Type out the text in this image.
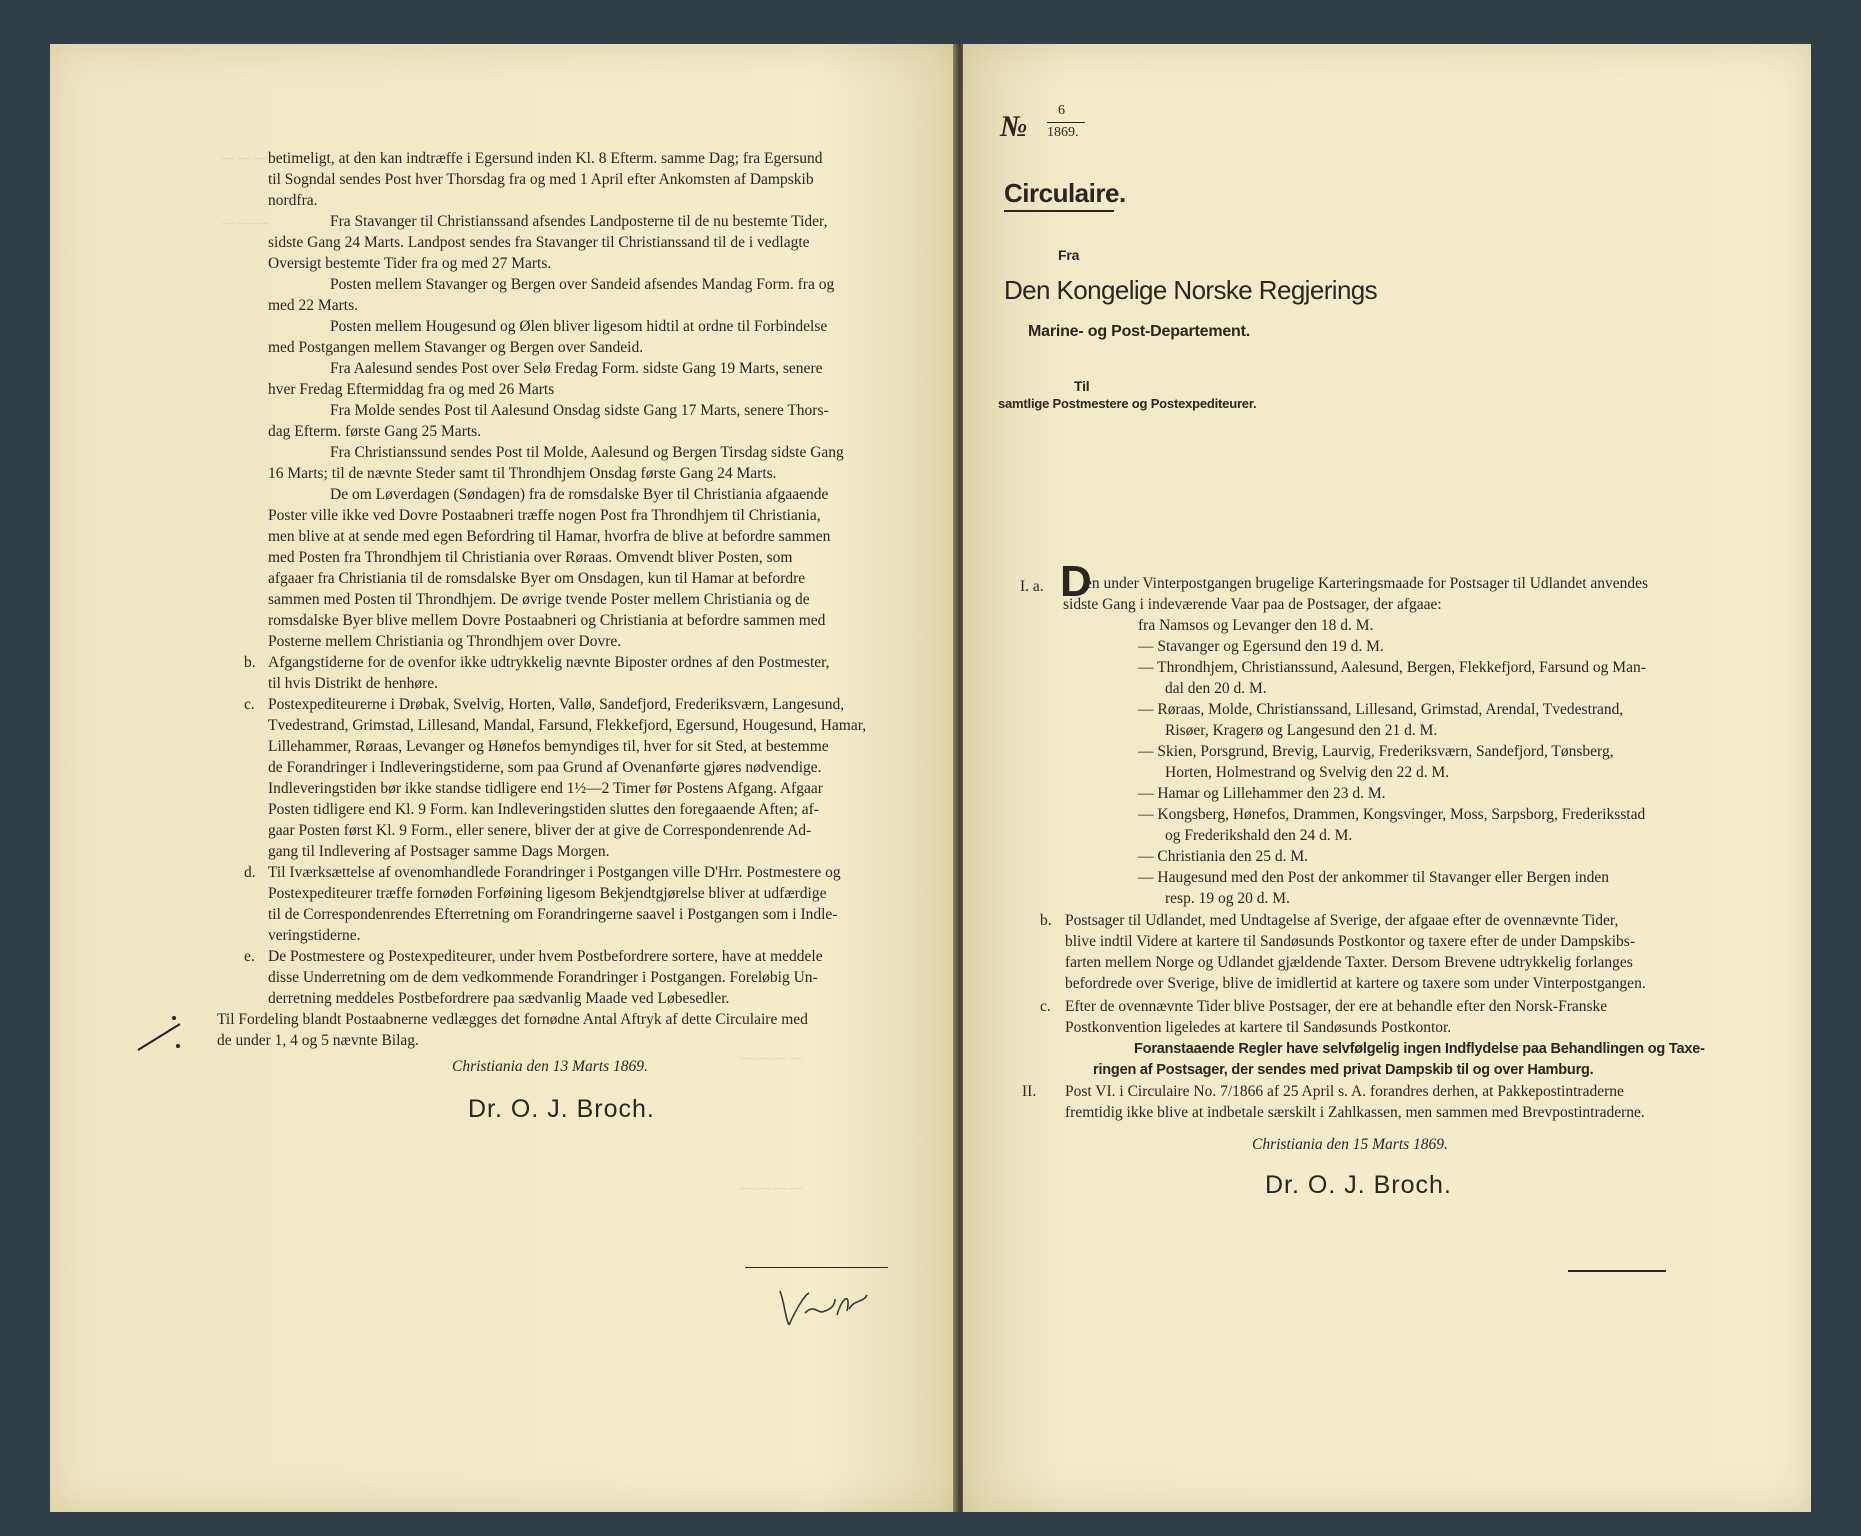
— — —
— — —
— — — —
— — — —
betimeligt, at den kan indtræffe i Egersund inden Kl. 8 Efterm. samme Dag; fra Egersund
til Sogndal sendes Post hver Thorsdag fra og med 1 April efter Ankomsten af Dampskib
nordfra.
Fra Stavanger til Christianssand afsendes Landposterne til de nu bestemte Tider,
sidste Gang 24 Marts. Landpost sendes fra Stavanger til Christianssand til de i vedlagte
Oversigt bestemte Tider fra og med 27 Marts.
Posten mellem Stavanger og Bergen over Sandeid afsendes Mandag Form. fra og
med 22 Marts.
Posten mellem Hougesund og Ølen bliver ligesom hidtil at ordne til Forbindelse
med Postgangen mellem Stavanger og Bergen over Sandeid.
Fra Aalesund sendes Post over Selø Fredag Form. sidste Gang 19 Marts, senere
hver Fredag Eftermiddag fra og med 26 Marts
Fra Molde sendes Post til Aalesund Onsdag sidste Gang 17 Marts, senere Thors-
dag Efterm. første Gang 25 Marts.
Fra Christianssund sendes Post til Molde, Aalesund og Bergen Tirsdag sidste Gang
16 Marts; til de nævnte Steder samt til Throndhjem Onsdag første Gang 24 Marts.
De om Løverdagen (Søndagen) fra de romsdalske Byer til Christiania afgaaende
Poster ville ikke ved Dovre Postaabneri træffe nogen Post fra Throndhjem til Christiania,
men blive at at sende med egen Befordring til Hamar, hvorfra de blive at befordre sammen
med Posten fra Throndhjem til Christiania over Røraas. Omvendt bliver Posten, som
afgaaer fra Christiania til de romsdalske Byer om Onsdagen, kun til Hamar at befordre
sammen med Posten til Throndhjem. De øvrige tvende Poster mellem Christiania og de
romsdalske Byer blive mellem Dovre Postaabneri og Christiania at befordre sammen med
Posterne mellem Christiania og Throndhjem over Dovre.
b. Afgangstiderne for de ovenfor ikke udtrykkelig nævnte Biposter ordnes af den Postmester,
til hvis Distrikt de henhøre.
c. Postexpediteurerne i Drøbak, Svelvig, Horten, Vallø, Sandefjord, Frederiksværn, Langesund,
Tvedestrand, Grimstad, Lillesand, Mandal, Farsund, Flekkefjord, Egersund, Hougesund, Hamar,
Lillehammer, Røraas, Levanger og Hønefos bemyndiges til, hver for sit Sted, at bestemme
de Forandringer i Indleveringstiderne, som paa Grund af Ovenanførte gjøres nødvendige.
Indleveringstiden bør ikke standse tidligere end 1½—2 Timer før Postens Afgang. Afgaar
Posten tidligere end Kl. 9 Form. kan Indleveringstiden sluttes den foregaaende Aften; af-
gaar Posten først Kl. 9 Form., eller senere, bliver der at give de Correspondenrende Ad-
gang til Indlevering af Postsager samme Dags Morgen.
d. Til Iværksættelse af ovenomhandlede Forandringer i Postgangen ville D'Hrr. Postmestere og
Postexpediteurer træffe fornøden Forføining ligesom Bekjendtgjørelse bliver at udfærdige
til de Correspondenrendes Efterretning om Forandringerne saavel i Postgangen som i Indle-
veringstiderne.
e. De Postmestere og Postexpediteurer, under hvem Postbefordrere sortere, have at meddele
disse Underretning om de dem vedkommende Forandringer i Postgangen. Foreløbig Un-
derretning meddeles Postbefordrere paa sædvanlig Maade ved Løbesedler.
Til Fordeling blandt Postaabnerne vedlægges det fornødne Antal Aftryk af dette Circulaire med
de under 1, 4 og 5 nævnte Bilag.
Christiania den 13 Marts 1869.
Dr. O. J. Broch.
№ 6
1869.
Circulaire.
Fra
Den Kongelige Norske Regjerings
Marine- og Post-Departement.
Til
samtlige Postmestere og Postexpediteurer.
I. a. D
en under Vinterpostgangen brugelige Karteringsmaade for Postsager til Udlandet anvendes
sidste Gang i indeværende Vaar paa de Postsager, der afgaae:
fra Namsos og Levanger den 18 d. M.
— Stavanger og Egersund den 19 d. M.
— Throndhjem, Christianssund, Aalesund, Bergen, Flekkefjord, Farsund og Man-
dal den 20 d. M.
— Røraas, Molde, Christianssand, Lillesand, Grimstad, Arendal, Tvedestrand,
Risøer, Kragerø og Langesund den 21 d. M.
— Skien, Porsgrund, Brevig, Laurvig, Frederiksværn, Sandefjord, Tønsberg,
Horten, Holmestrand og Svelvig den 22 d. M.
— Hamar og Lillehammer den 23 d. M.
— Kongsberg, Hønefos, Drammen, Kongsvinger, Moss, Sarpsborg, Frederiksstad
og Frederikshald den 24 d. M.
— Christiania den 25 d. M.
— Haugesund med den Post der ankommer til Stavanger eller Bergen inden
resp. 19 og 20 d. M.
b. Postsager til Udlandet, med Undtagelse af Sverige, der afgaae efter de ovennævnte Tider,
blive indtil Videre at kartere til Sandøsunds Postkontor og taxere efter de under Dampskibs-
farten mellem Norge og Udlandet gjældende Taxter. Dersom Brevene udtrykkelig forlanges
befordrede over Sverige, blive de imidlertid at kartere og taxere som under Vinterpostgangen.
c. Efter de ovennævnte Tider blive Postsager, der ere at behandle efter den Norsk-Franske
Postkonvention ligeledes at kartere til Sandøsunds Postkontor.
Foranstaaende Regler have selvfølgelig ingen Indflydelse paa Behandlingen og Taxe-
ringen af Postsager, der sendes med privat Dampskib til og over Hamburg.
II. Post VI. i Circulaire No. 7/1866 af 25 April s. A. forandres derhen, at Pakkepostintraderne
fremtidig ikke blive at indbetale særskilt i Zahlkassen, men sammen med Brevpostintraderne.
Christiania den 15 Marts 1869.
Dr. O. J. Broch.
